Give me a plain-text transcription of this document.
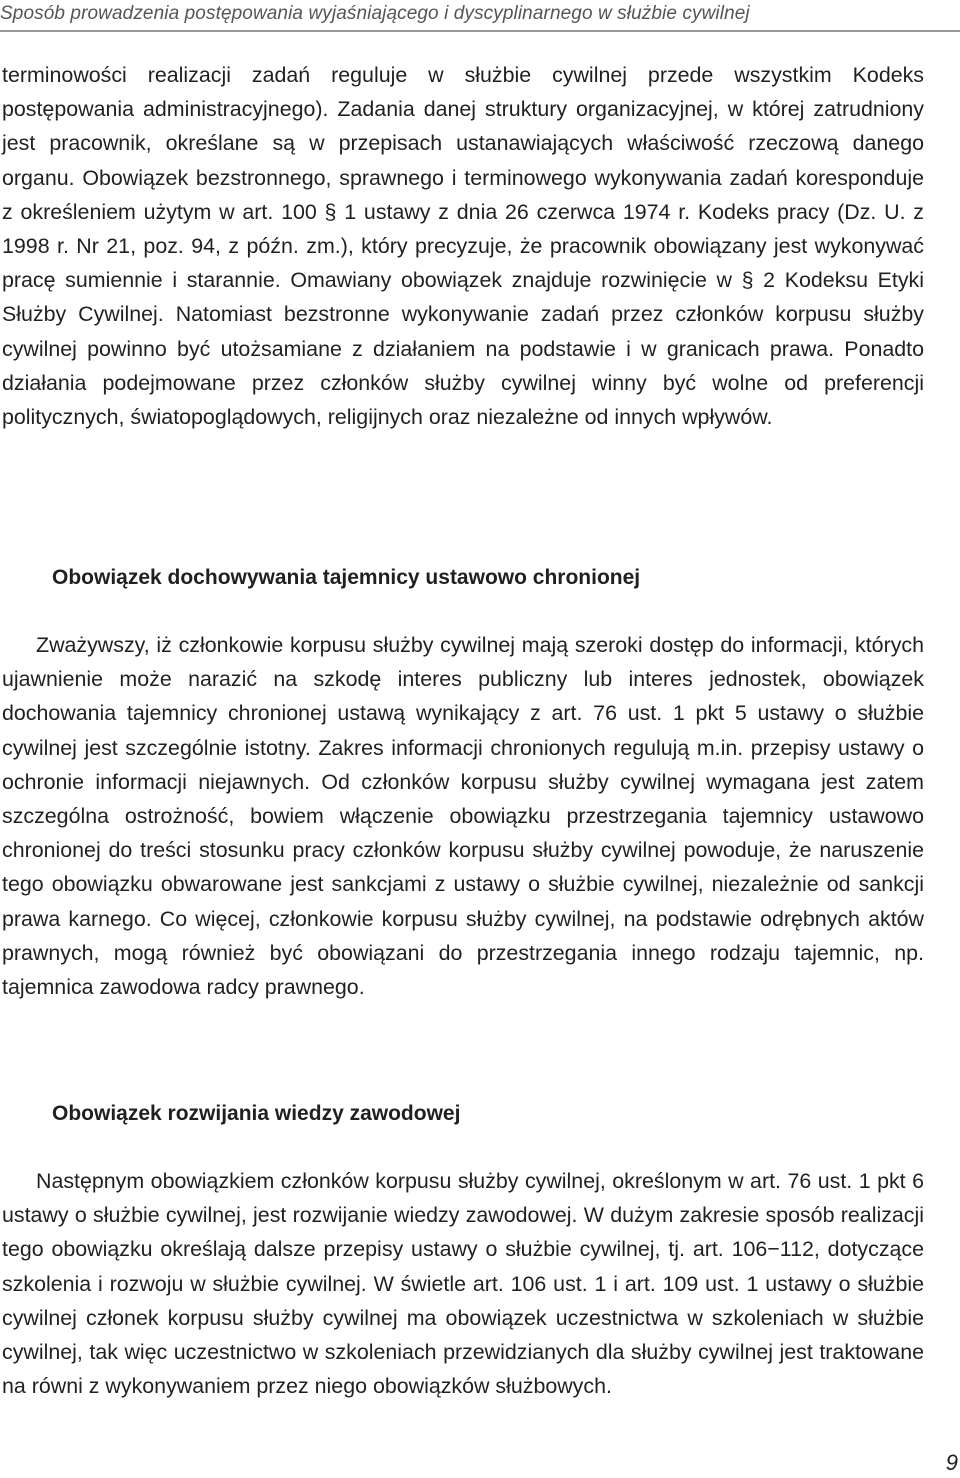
Sposób prowadzenia postępowania wyjaśniającego i dyscyplinarnego w służbie cywilnej

terminowości realizacji zadań reguluje w służbie cywilnej przede wszystkim Kodeks postępowania administracyjnego). Zadania danej struktury organizacyjnej, w której zatrudniony jest pracownik, określane są w przepisach ustanawiających właściwość rzeczową danego organu. Obowiązek bezstronnego, sprawnego i terminowego wykonywania zadań koresponduje z określeniem użytym w art. 100 § 1 ustawy z dnia 26 czerwca 1974 r. Kodeks pracy (Dz. U. z 1998 r. Nr 21, poz. 94, z późn. zm.), który precyzuje, że pracownik obowiązany jest wykonywać pracę sumiennie i starannie. Omawiany obowiązek znajduje rozwinięcie w § 2 Kodeksu Etyki Służby Cywilnej. Natomiast bezstronne wykonywanie zadań przez członków korpusu służby cywilnej powinno być utożsamiane z działaniem na podstawie i w granicach prawa. Ponadto działania podejmowane przez członków służby cywilnej winny być wolne od preferencji politycznych, światopoglądowych, religijnych oraz niezależne od innych wpływów.

Obowiązek dochowywania tajemnicy ustawowo chronionej

Zważywszy, iż członkowie korpusu służby cywilnej mają szeroki dostęp do informacji, których ujawnienie może narazić na szkodę interes publiczny lub interes jednostek, obowiązek dochowania tajemnicy chronionej ustawą wynikający z art. 76 ust. 1 pkt 5 ustawy o służbie cywilnej jest szczególnie istotny. Zakres informacji chronionych regulują m.in. przepisy ustawy o ochronie informacji niejawnych. Od członków korpusu służby cywilnej wymagana jest zatem szczególna ostrożność, bowiem włączenie obowiązku przestrzegania tajemnicy ustawowo chronionej do treści stosunku pracy członków korpusu służby cywilnej powoduje, że naruszenie tego obowiązku obwarowane jest sankcjami z ustawy o służbie cywilnej, niezależnie od sankcji prawa karnego. Co więcej, członkowie korpusu służby cywilnej, na podstawie odrębnych aktów prawnych, mogą również być obowiązani do przestrzegania innego rodzaju tajemnic, np. tajemnica zawodowa radcy prawnego.

Obowiązek rozwijania wiedzy zawodowej

Następnym obowiązkiem członków korpusu służby cywilnej, określonym w art. 76 ust. 1 pkt 6 ustawy o służbie cywilnej, jest rozwijanie wiedzy zawodowej. W dużym zakresie sposób realizacji tego obowiązku określają dalsze przepisy ustawy o służbie cywilnej, tj. art. 106−112, dotyczące szkolenia i rozwoju w służbie cywilnej. W świetle art. 106 ust. 1 i art. 109 ust. 1 ustawy o służbie cywilnej członek korpusu służby cywilnej ma obowiązek uczestnictwa w szkoleniach w służbie cywilnej, tak więc uczestnictwo w szkoleniach przewidzianych dla służby cywilnej jest traktowane na równi z wykonywaniem przez niego obowiązków służbowych.

9
